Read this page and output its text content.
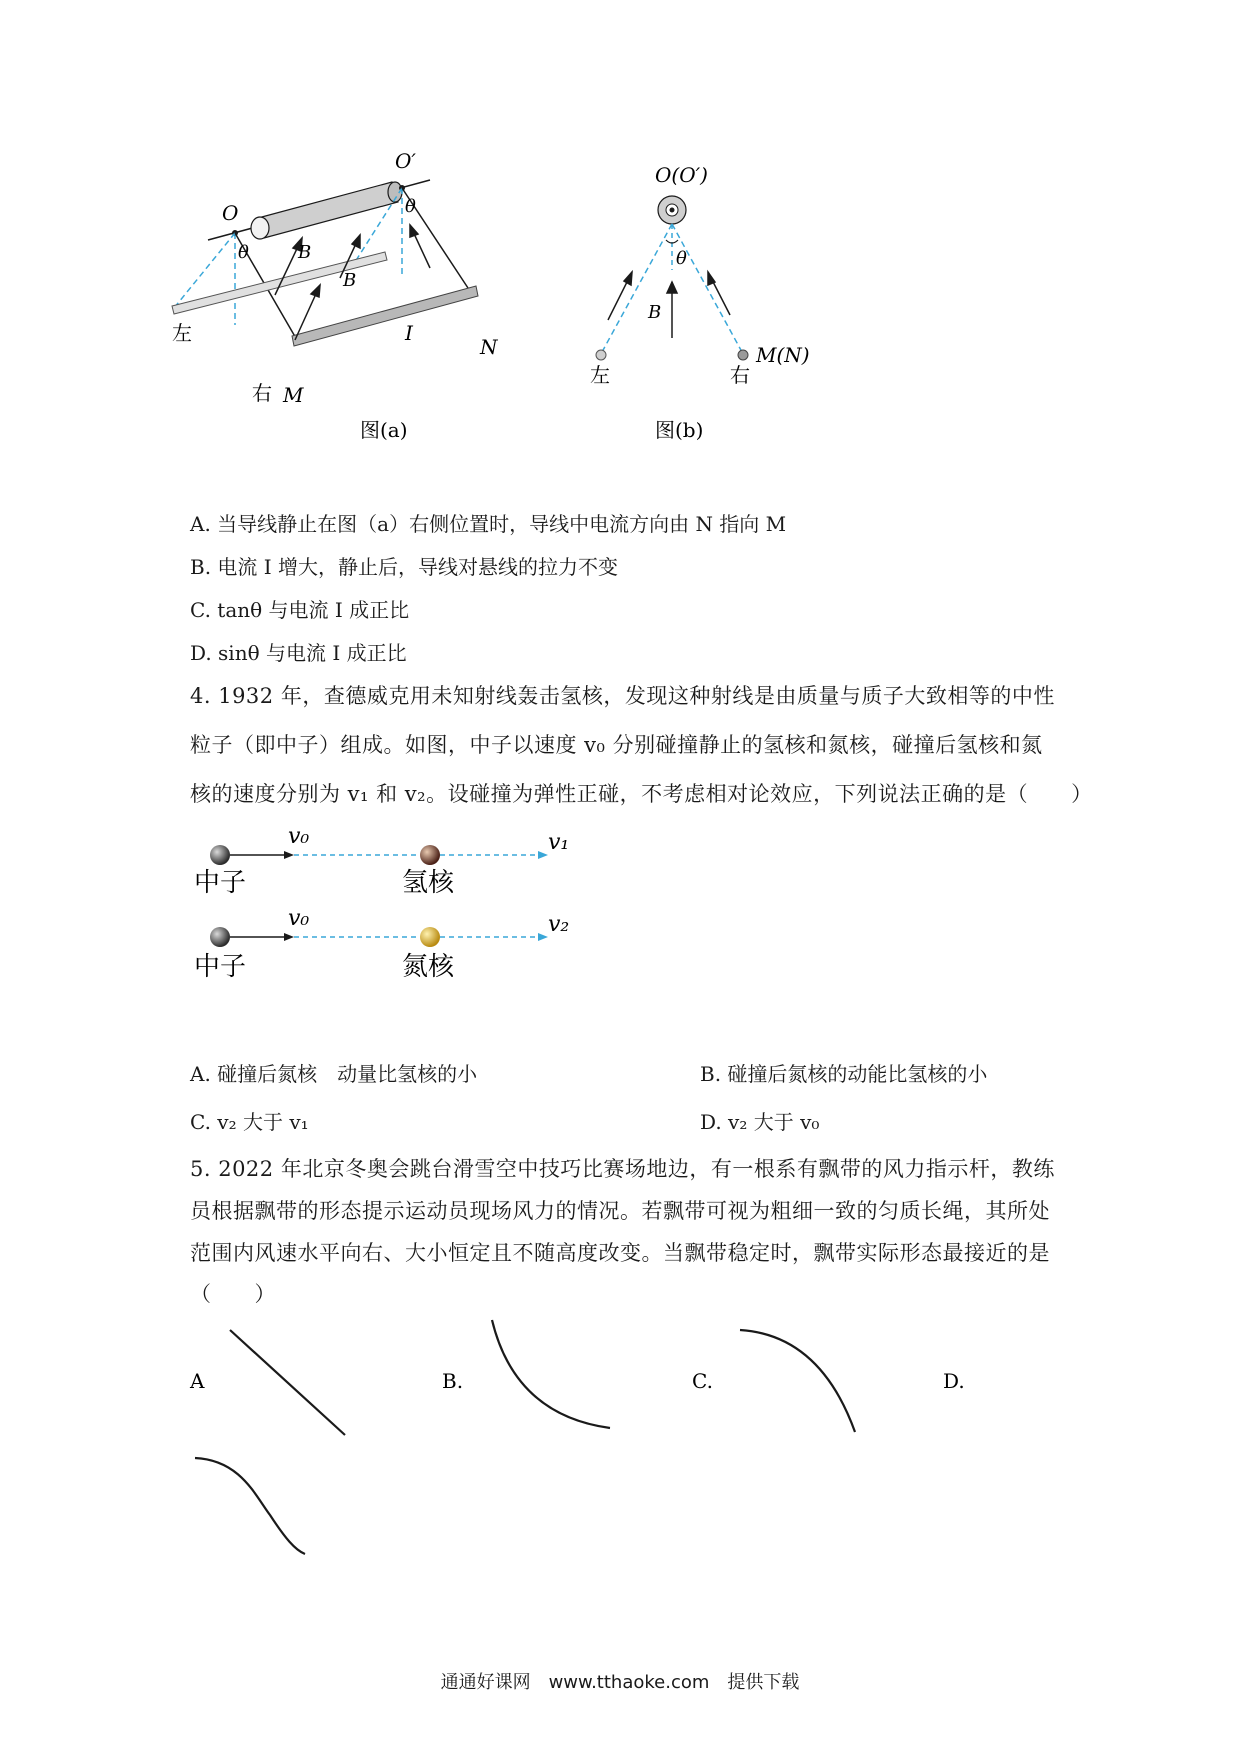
O
O′
θ
θ
B
B
I
N
M
左
右
图(a)
O(O′)
θ
B
M(N)
左	右
图(b)
A. 当导线静止在图（a）右侧位置时，导线中电流方向由 N 指向 M
B. 电流 I 增大，静止后，导线对悬线的拉力不变
C. tanθ 与电流 I 成正比
D. sinθ 与电流 I 成正比
4. 1932 年，查德威克用未知射线轰击氢核，发现这种射线是由质量与质子大致相等的中性
粒子（即中子）组成。如图，中子以速度 v₀ 分别碰撞静止的氢核和氮核，碰撞后氢核和氮
核的速度分别为 v₁ 和 v₂。设碰撞为弹性正碰，不考虑相对论效应，下列说法正确的是（　　）
v₀	v₁
中子	氢核
v₀	v₂
中子	氮核
A. 碰撞后氮核　动量比氢核的小	B. 碰撞后氮核的动能比氢核的小
C. v₂ 大于 v₁	D. v₂ 大于 v₀
5. 2022 年北京冬奥会跳台滑雪空中技巧比赛场地边，有一根系有飘带的风力指示杆，教练
员根据飘带的形态提示运动员现场风力的情况。若飘带可视为粗细一致的匀质长绳，其所处
范围内风速水平向右、大小恒定且不随高度改变。当飘带稳定时，飘带实际形态最接近的是
（　　）
A	B.	C.	D.
通通好课网　www.tthaoke.com　提供下载
